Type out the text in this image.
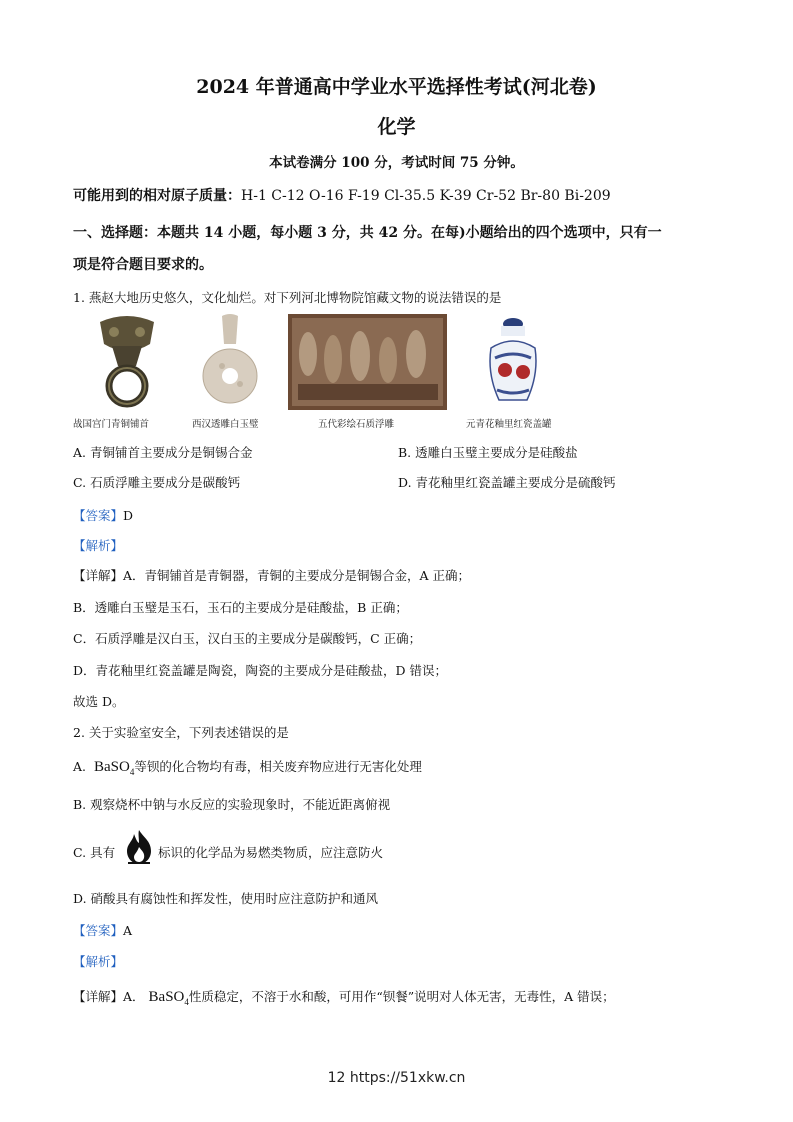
2024 年普通高中学业水平选择性考试(河北卷)
化学
本试卷满分 100 分，考试时间 75 分钟。
可能用到的相对原子质量：H-1 C-12 O-16 F-19 Cl-35.5 K-39 Cr-52 Br-80 Bi-209
一、选择题：本题共 14 小题，每小题 3 分，共 42 分。在每)小题给出的四个选项中，只有一
项是符合题目要求的。
1. 燕赵大地历史悠久，文化灿烂。对下列河北博物院馆藏文物的说法错误的是
战国宫门青铜铺首	西汉透雕白玉璧	五代彩绘石质浮雕	元青花釉里红瓷盖罐
A. 青铜铺首主要成分是铜锡合金	B. 透雕白玉璧主要成分是硅酸盐
C. 石质浮雕主要成分是碳酸钙	D. 青花釉里红瓷盖罐主要成分是硫酸钙
【答案】D
【解析】
【详解】A．青铜铺首是青铜器，青铜的主要成分是铜锡合金，A 正确；
B．透雕白玉璧是玉石，玉石的主要成分是硅酸盐，B 正确；
C．石质浮雕是汉白玉，汉白玉的主要成分是碳酸钙，C 正确；
D．青花釉里红瓷盖罐是陶瓷，陶瓷的主要成分是硅酸盐，D 错误；
故选 D。
2. 关于实验室安全，下列表述错误的是
A. BaSO$_4$等钡的化合物均有毒，相关废弃物应进行无害化处理
B. 观察烧杯中钠与水反应的实验现象时，不能近距离俯视
C. 具有	标识的化学品为易燃类物质，应注意防火
D. 硝酸具有腐蚀性和挥发性，使用时应注意防护和通风
【答案】A
【解析】
【详解】A． BaSO$_4$性质稳定，不溶于水和酸，可用作“钡餐”说明对人体无害，无毒性，A 错误；
12 https://51xkw.cn
